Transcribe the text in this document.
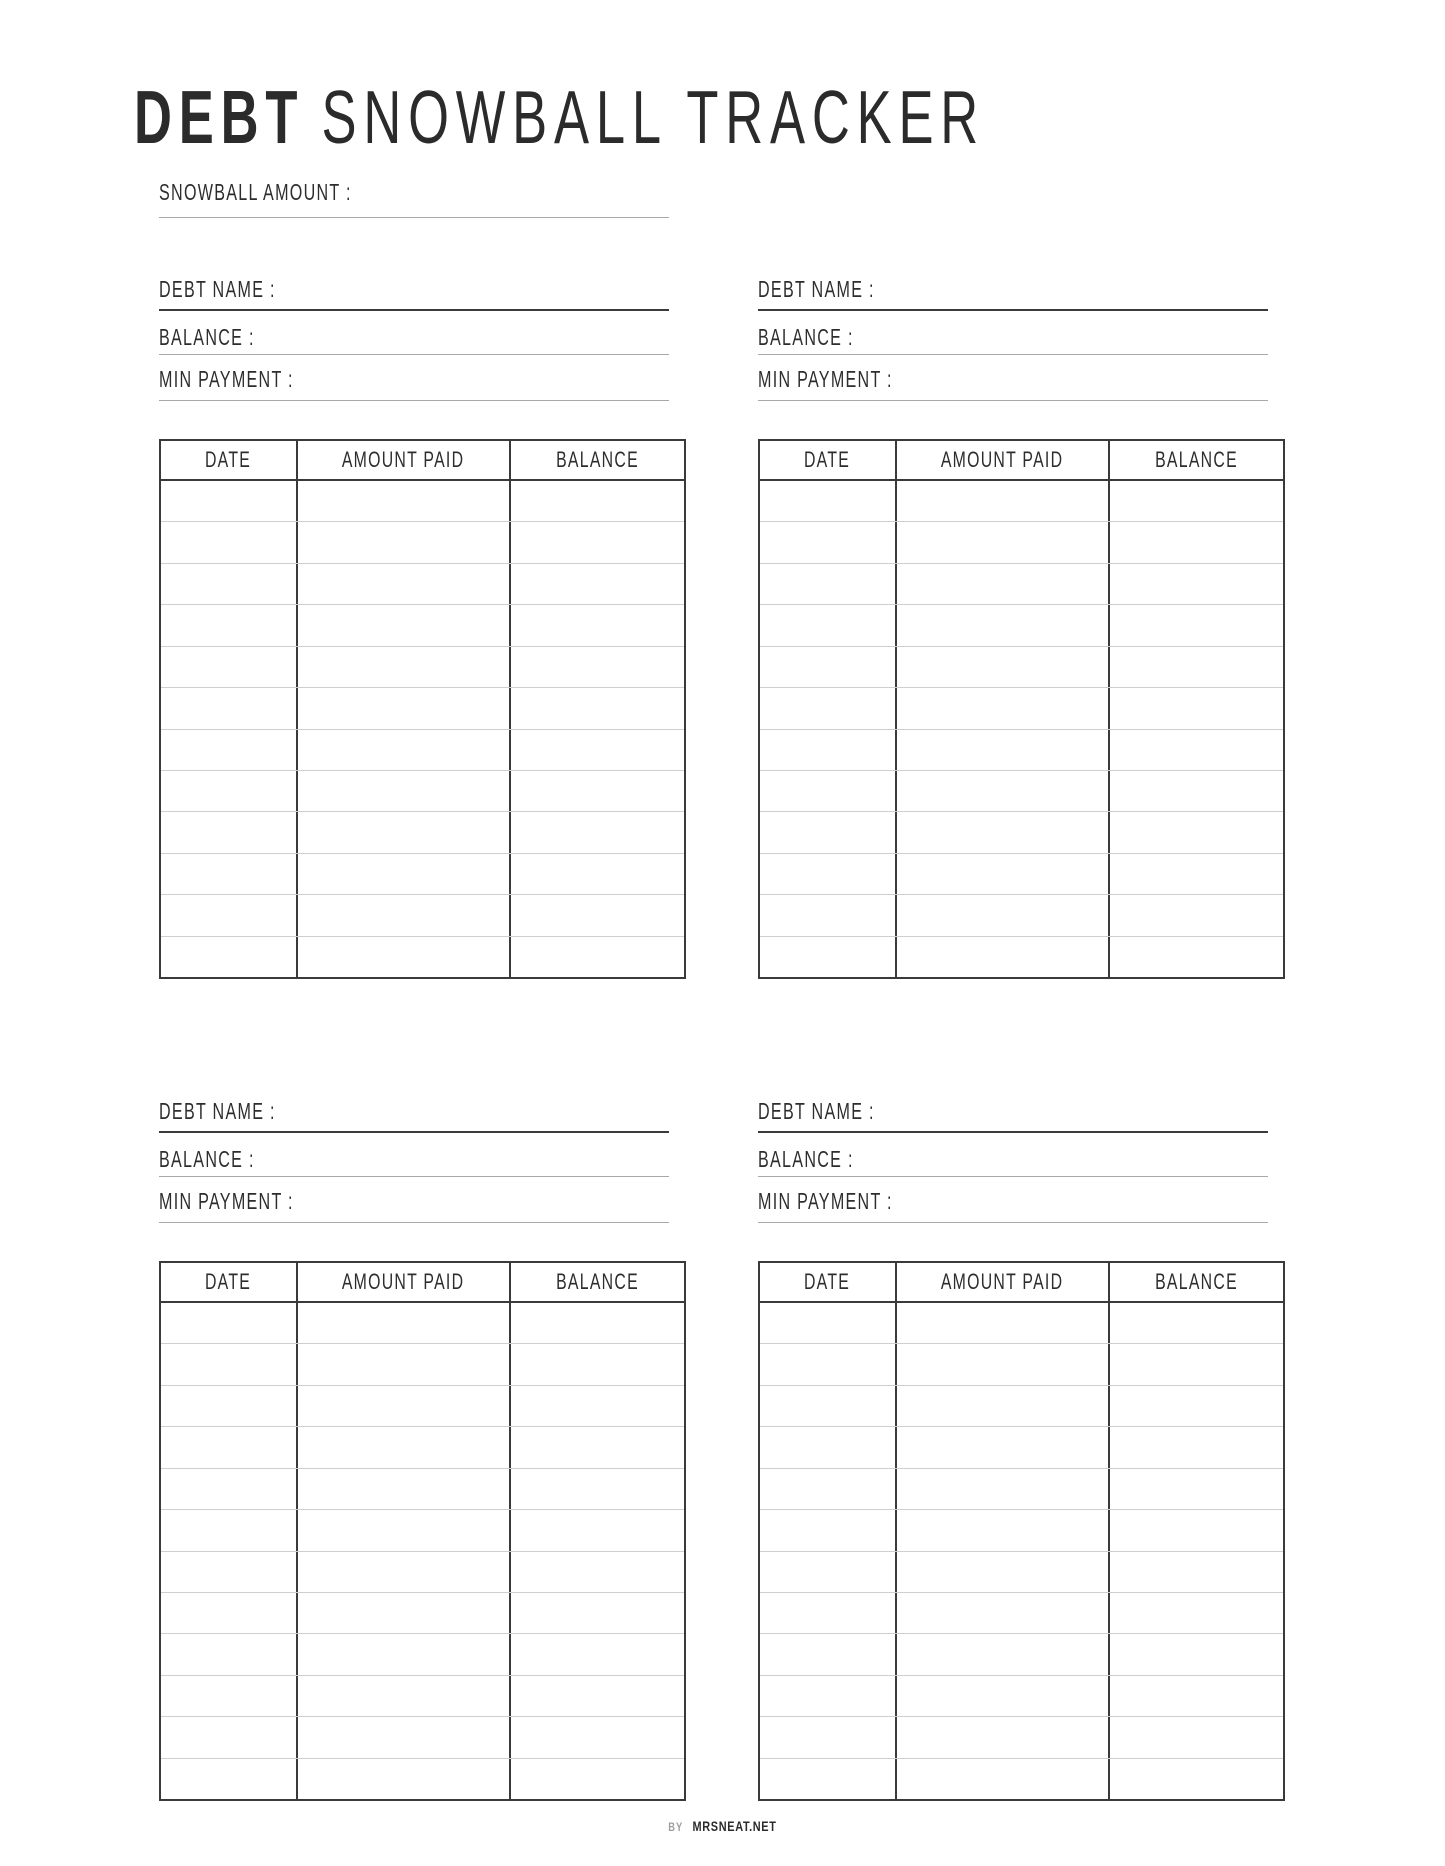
DEBT SNOWBALL TRACKER
SNOWBALL AMOUNT :
DEBT NAME :
BALANCE :
MIN PAYMENT :
DATE	AMOUNT PAID	BALANCE
DEBT NAME :
BALANCE :
MIN PAYMENT :
DATE	AMOUNT PAID	BALANCE
DEBT NAME :
BALANCE :
MIN PAYMENT :
DATE	AMOUNT PAID	BALANCE
DEBT NAME :
BALANCE :
MIN PAYMENT :
DATE	AMOUNT PAID	BALANCE
BY MRSNEAT.NET
